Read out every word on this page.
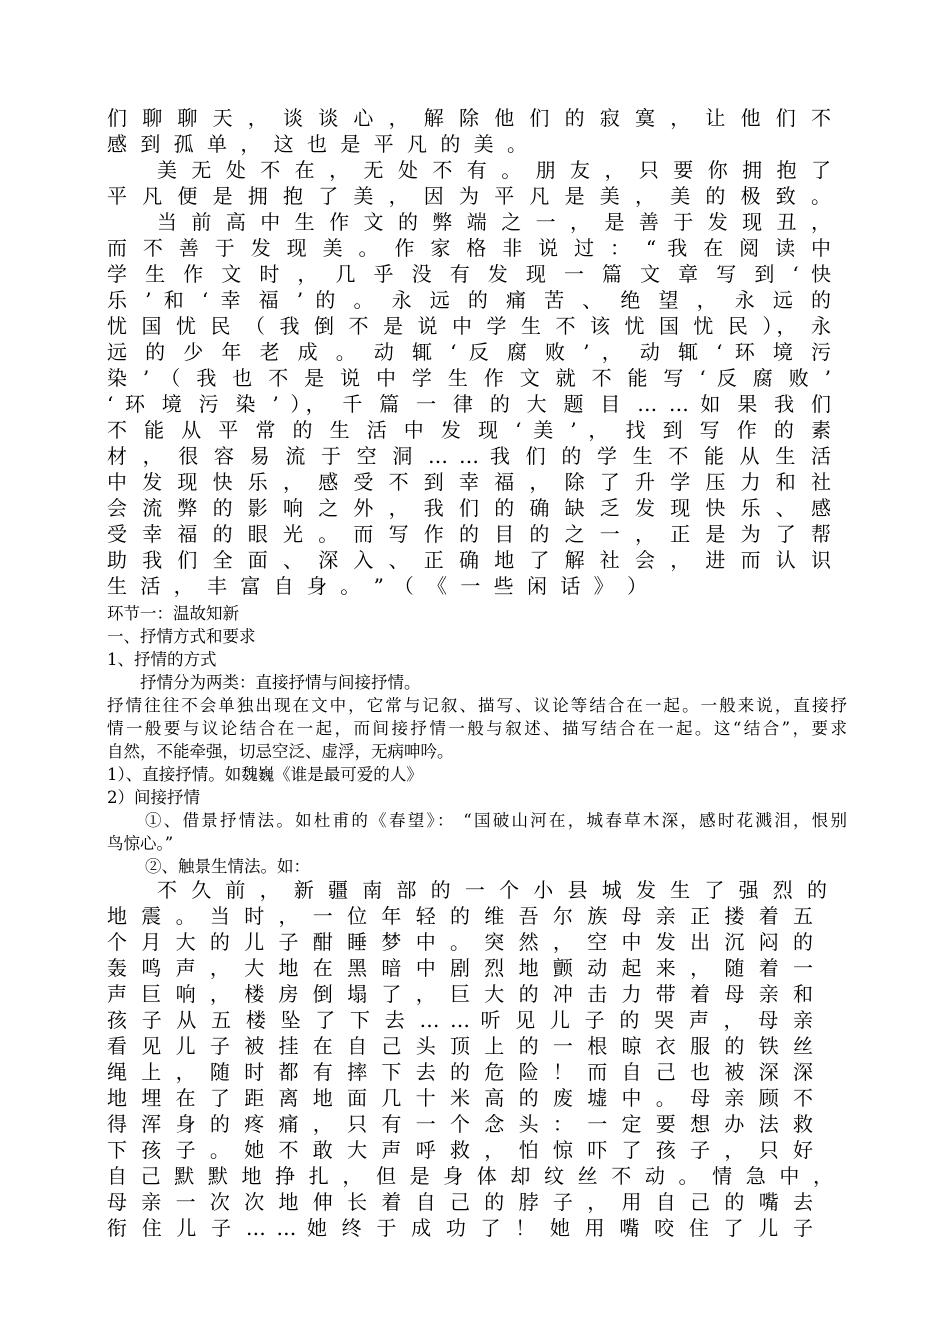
们 聊 聊 天 ， 谈 谈 心 ， 解 除 他 们 的 寂 寞 ， 让 他 们 不
感 到 孤 单 ， 这 也 是 平 凡 的 美 。
美 无 处 不 在 ， 无 处 不 有 。 朋 友 ， 只 要 你 拥 抱 了
平 凡 便 是 拥 抱 了 美 ， 因 为 平 凡 是 美 ， 美 的 极 致 。
当 前 高 中 生 作 文 的 弊 端 之 一 ， 是 善 于 发 现 丑 ，
而 不 善 于 发 现 美 。 作 家 格 非 说 过 ： “ 我 在 阅 读 中
学 生 作 文 时 ， 几 乎 没 有 发 现 一 篇 文 章 写 到 ‘ 快
乐 ’ 和 ‘ 幸 福 ’ 的 。 永 远 的 痛 苦 、 绝 望 ， 永 远 的
忧 国 忧 民 （ 我 倒 不 是 说 中 学 生 不 该 忧 国 忧 民 ）， 永
远 的 少 年 老 成 。 动 辄 ‘ 反 腐 败 ’ ， 动 辄 ‘ 环 境 污
染 ’ （ 我 也 不 是 说 中 学 生 作 文 就 不 能 写 ‘ 反 腐 败 ’
‘ 环 境 污 染 ’ ）， 千 篇 一 律 的 大 题 目 … … 如 果 我 们
不 能 从 平 常 的 生 活 中 发 现 ‘ 美 ’ ， 找 到 写 作 的 素
材 ， 很 容 易 流 于 空 洞 … … 我 们 的 学 生 不 能 从 生 活
中 发 现 快 乐 ， 感 受 不 到 幸 福 ， 除 了 升 学 压 力 和 社
会 流 弊 的 影 响 之 外 ， 我 们 的 确 缺 乏 发 现 快 乐 、 感
受 幸 福 的 眼 光 。 而 写 作 的 目 的 之 一 ， 正 是 为 了 帮
助 我 们 全 面 、 深 入 、 正 确 地 了 解 社 会 ， 进 而 认 识
生 活 ， 丰 富 自 身 。 ” （ 《 一 些 闲 话 》 ）
环节一：温故知新
一、抒情方式和要求
1、抒情的方式
抒情分为两类：直接抒情与间接抒情。
抒情往往不会单独出现在文中，它常与记叙、描写、议论等结合在一起。一般来说，直接抒
情一般要与议论结合在一起，而间接抒情一般与叙述、描写结合在一起。这“结合”，要求
自然，不能牵强，切忌空泛、虚浮，无病呻吟。
1）、直接抒情。如魏巍《谁是最可爱的人》
2）间接抒情
①、借景抒情法。如杜甫的《春望》： “国破山河在，城春草木深，感时花溅泪，恨别
鸟惊心。”
②、触景生情法。如：
不 久 前 ， 新 疆 南 部 的 一 个 小 县 城 发 生 了 强 烈 的
地 震 。 当 时 ， 一 位 年 轻 的 维 吾 尔 族 母 亲 正 搂 着 五
个 月 大 的 儿 子 酣 睡 梦 中 。 突 然 ， 空 中 发 出 沉 闷 的
轰 鸣 声 ， 大 地 在 黑 暗 中 剧 烈 地 颤 动 起 来 ， 随 着 一
声 巨 响 ， 楼 房 倒 塌 了 ， 巨 大 的 冲 击 力 带 着 母 亲 和
孩 子 从 五 楼 坠 了 下 去 … … 听 见 儿 子 的 哭 声 ， 母 亲
看 见 儿 子 被 挂 在 自 己 头 顶 上 的 一 根 晾 衣 服 的 铁 丝
绳 上 ， 随 时 都 有 摔 下 去 的 危 险 ！ 而 自 己 也 被 深 深
地 埋 在 了 距 离 地 面 几 十 米 高 的 废 墟 中 。 母 亲 顾 不
得 浑 身 的 疼 痛 ， 只 有 一 个 念 头 ： 一 定 要 想 办 法 救
下 孩 子 。 她 不 敢 大 声 呼 救 ， 怕 惊 吓 了 孩 子 ， 只 好
自 己 默 默 地 挣 扎 ， 但 是 身 体 却 纹 丝 不 动 。 情 急 中 ，
母 亲 一 次 次 地 伸 长 着 自 己 的 脖 子 ， 用 自 己 的 嘴 去
衔 住 儿 子 … … 她 终 于 成 功 了 ！ 她 用 嘴 咬 住 了 儿 子
